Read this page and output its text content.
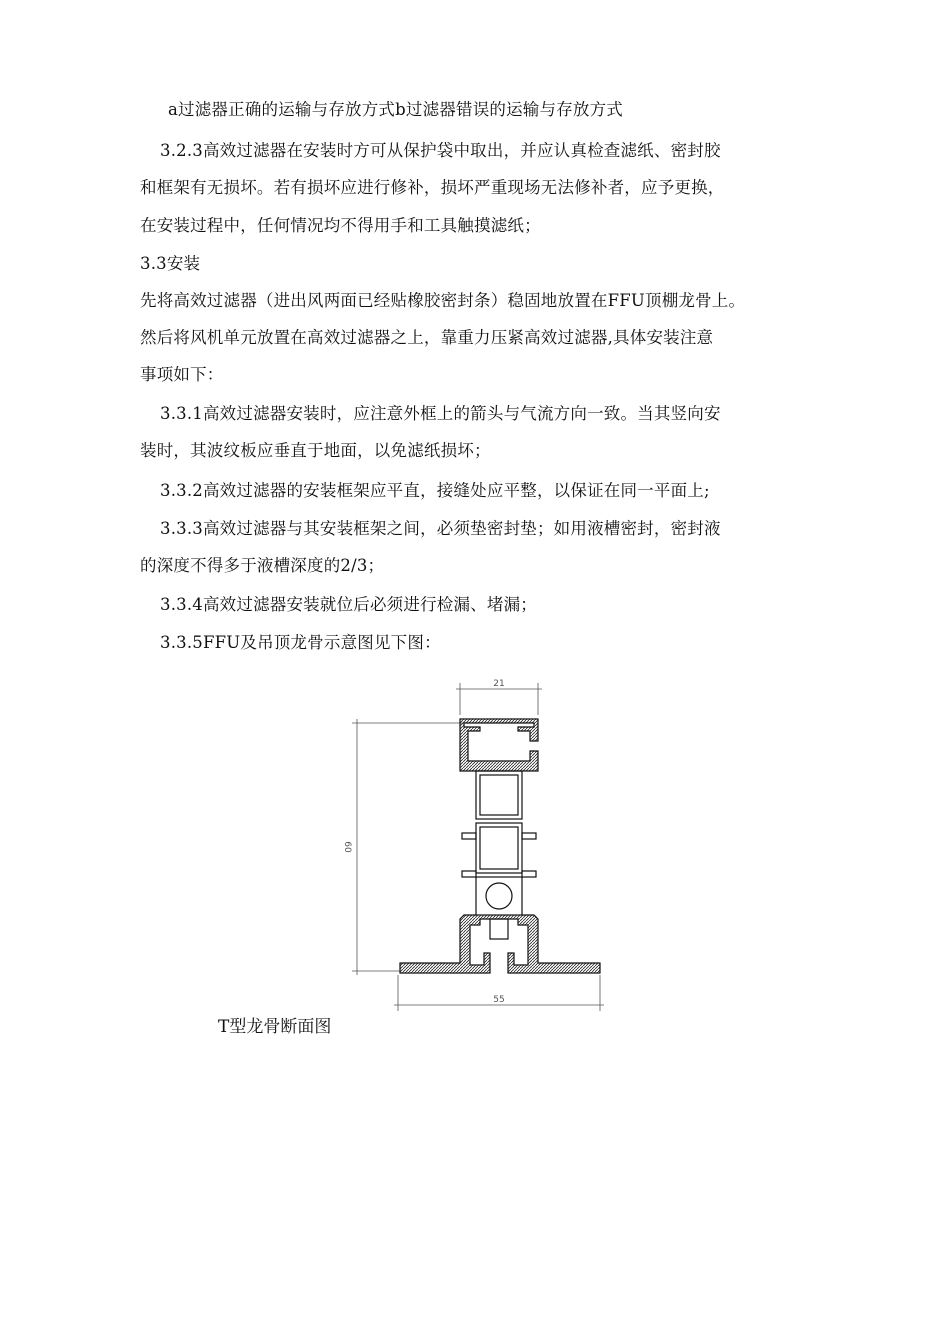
a过滤器正确的运输与存放方式b过滤器错误的运输与存放方式

3.2.3高效过滤器在安装时方可从保护袋中取出，并应认真检查滤纸、密封胶

和框架有无损坏。若有损坏应进行修补，损坏严重现场无法修补者，应予更换，

在安装过程中，任何情况均不得用手和工具触摸滤纸；

3.3安装

先将高效过滤器（进出风两面已经贴橡胶密封条）稳固地放置在FFU顶棚龙骨上。

然后将风机单元放置在高效过滤器之上，靠重力压紧高效过滤器,具体安装注意

事项如下：

3.3.1高效过滤器安装时，应注意外框上的箭头与气流方向一致。当其竖向安

装时，其波纹板应垂直于地面，以免滤纸损坏；

3.3.2高效过滤器的安装框架应平直，接缝处应平整，以保证在同一平面上;

3.3.3高效过滤器与其安装框架之间，必须垫密封垫；如用液槽密封，密封液

的深度不得多于液槽深度的2/3；

3.3.4高效过滤器安装就位后必须进行检漏、堵漏；

3.3.5FFU及吊顶龙骨示意图见下图：

21
60
55

T型龙骨断面图
